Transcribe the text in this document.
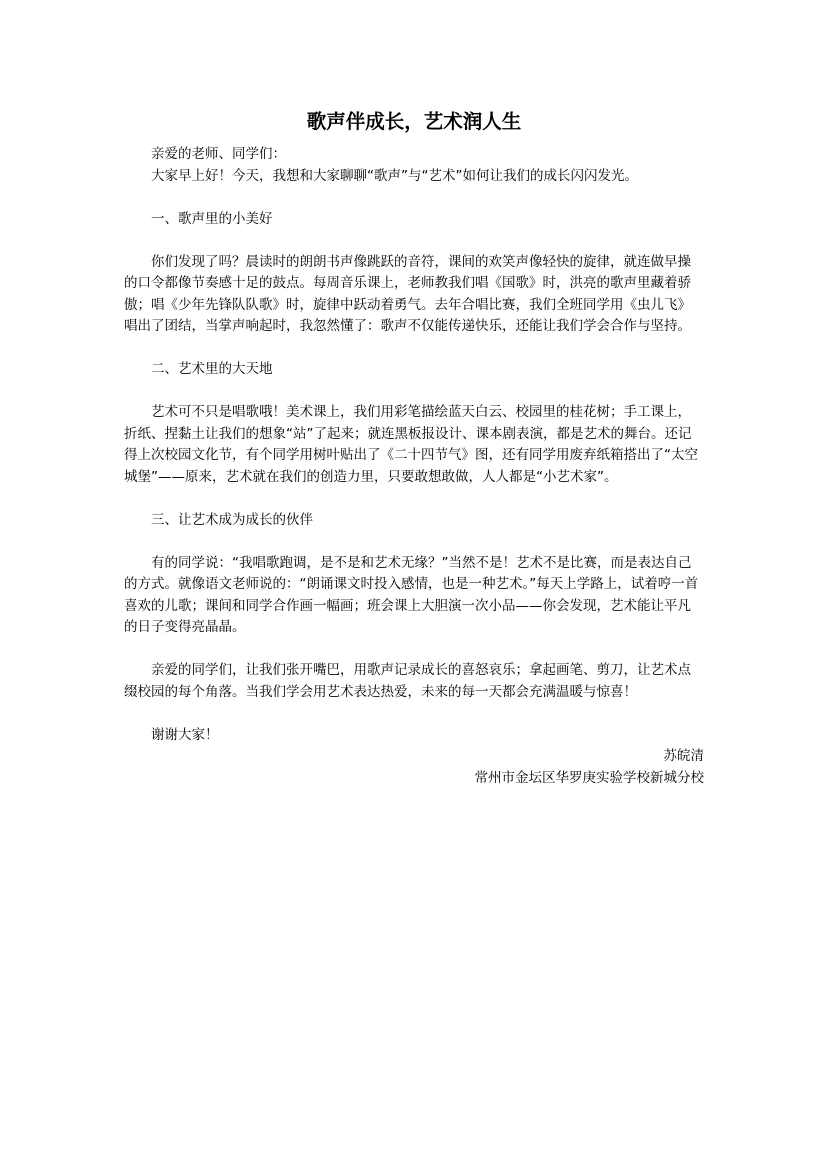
歌声伴成长，艺术润人生

亲爱的老师、同学们：

大家早上好！今天，我想和大家聊聊“歌声”与“艺术”如何让我们的成长闪闪发光。

一、歌声里的小美好

你们发现了吗？晨读时的朗朗书声像跳跃的音符，课间的欢笑声像轻快的旋律，就连做早操的口令都像节奏感十足的鼓点。每周音乐课上，老师教我们唱《国歌》时，洪亮的歌声里藏着骄傲；唱《少年先锋队队歌》时，旋律中跃动着勇气。去年合唱比赛，我们全班同学用《虫儿飞》唱出了团结，当掌声响起时，我忽然懂了：歌声不仅能传递快乐，还能让我们学会合作与坚持。

二、艺术里的大天地

艺术可不只是唱歌哦！美术课上，我们用彩笔描绘蓝天白云、校园里的桂花树；手工课上，折纸、捏黏土让我们的想象“站”了起来；就连黑板报设计、课本剧表演，都是艺术的舞台。还记得上次校园文化节，有个同学用树叶贴出了《二十四节气》图，还有同学用废弃纸箱搭出了“太空城堡”——原来，艺术就在我们的创造力里，只要敢想敢做，人人都是“小艺术家”。

三、让艺术成为成长的伙伴

有的同学说：“我唱歌跑调，是不是和艺术无缘？”当然不是！艺术不是比赛，而是表达自己的方式。就像语文老师说的：“朗诵课文时投入感情，也是一种艺术。”每天上学路上，试着哼一首喜欢的儿歌；课间和同学合作画一幅画；班会课上大胆演一次小品——你会发现，艺术能让平凡的日子变得亮晶晶。

亲爱的同学们，让我们张开嘴巴，用歌声记录成长的喜怒哀乐；拿起画笔、剪刀，让艺术点缀校园的每个角落。当我们学会用艺术表达热爱，未来的每一天都会充满温暖与惊喜！

谢谢大家！

苏皖清

常州市金坛区华罗庚实验学校新城分校
